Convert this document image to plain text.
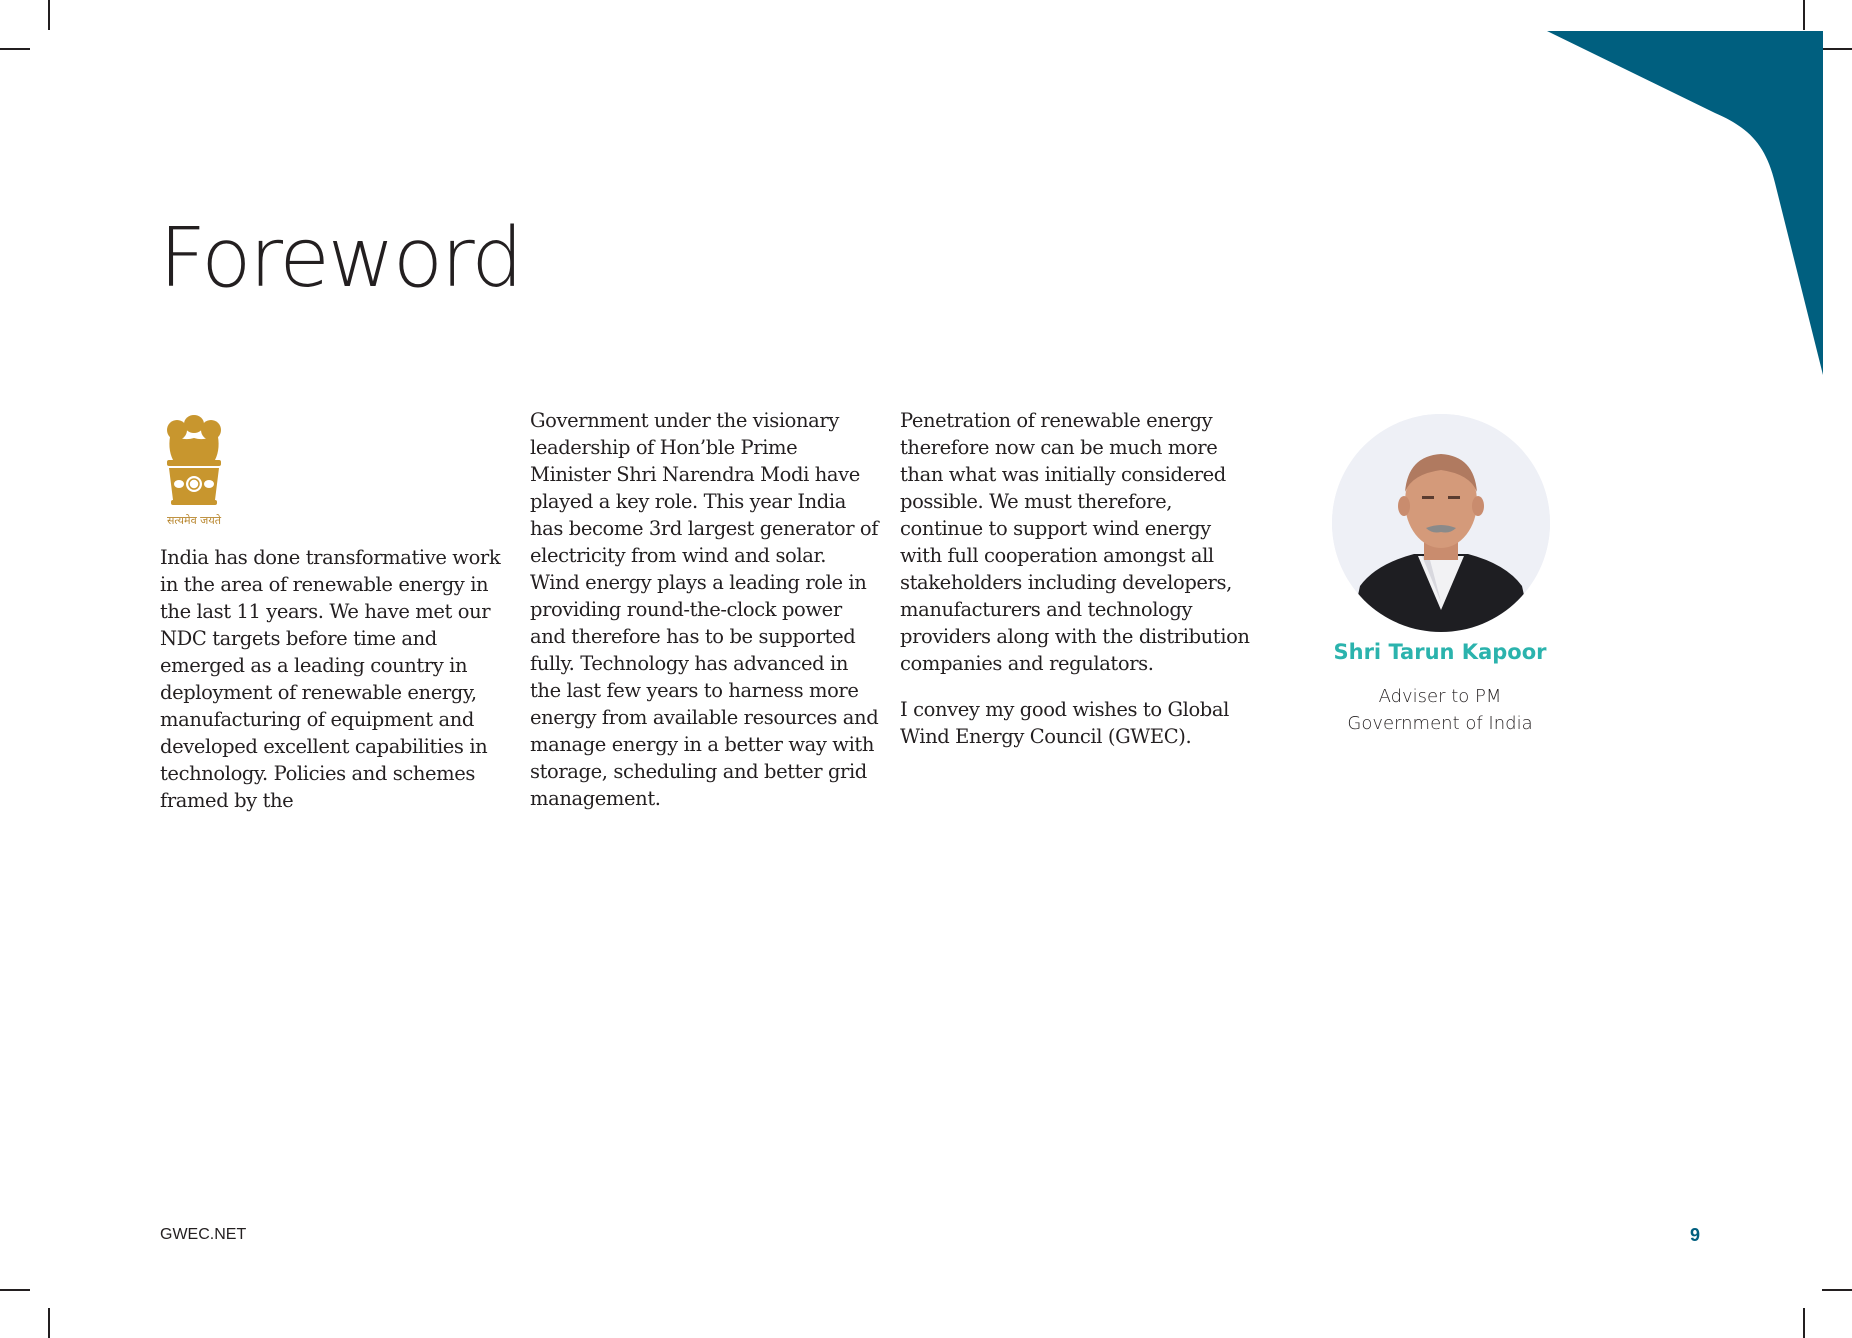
Foreword
सत्यमेव जयते

India has done transformative work in the area of renewable energy in the last 11 years. We have met our NDC targets before time and emerged as a leading country in deployment of renewable energy, manufacturing of equipment and developed excellent capabilities in technology. Policies and schemes framed by the

Government under the visionary leadership of Hon’ble Prime Minister Shri Narendra Modi have played a key role. This year India has become 3rd largest generator of electricity from wind and solar. Wind energy plays a leading role in providing round-the-clock power and therefore has to be supported fully. Technology has advanced in the last few years to harness more energy from available resources and manage energy in a better way with storage, scheduling and better grid management.

Penetration of renewable energy therefore now can be much more than what was initially considered possible. We must therefore, continue to support wind energy with full cooperation amongst all stakeholders including developers, manufacturers and technology providers along with the distribution companies and regulators.

I convey my good wishes to Global Wind Energy Council (GWEC).

Shri Tarun Kapoor

Adviser to PM
Government of India
GWEC.NET	9
